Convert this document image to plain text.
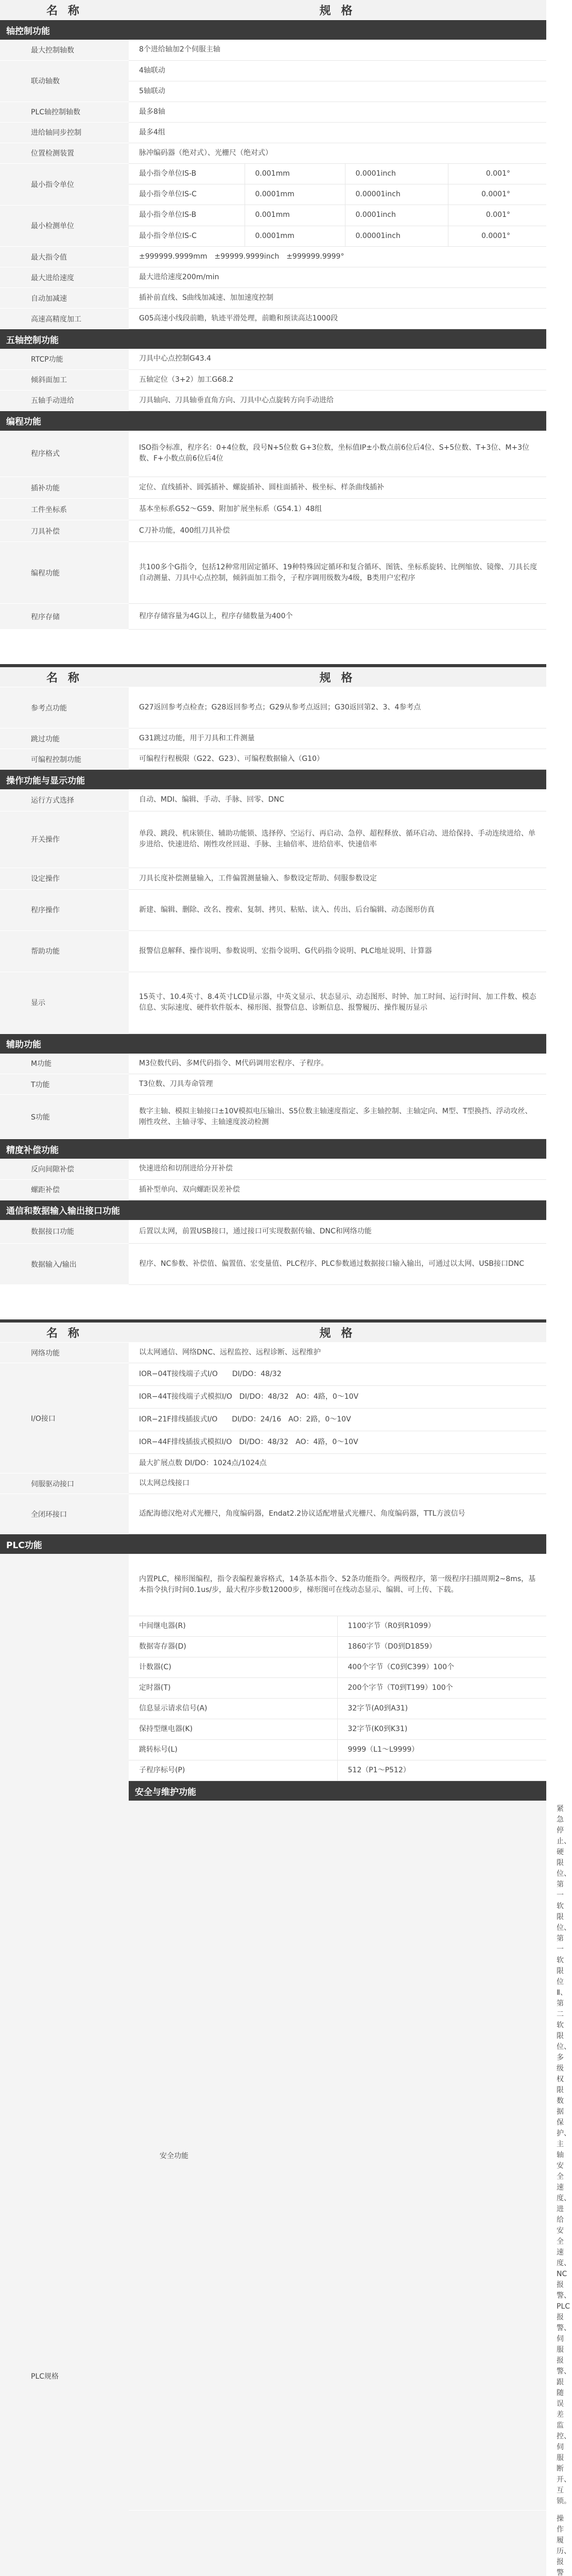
名 称	规 格
轴控制功能
最大控制轴数	8个进给轴加2个伺服主轴
联动轴数	4轴联动
5轴联动
PLC轴控制轴数	最多8轴
进给轴同步控制	最多4组
位置检测装置	脉冲编码器（绝对式）、光栅尺（绝对式）
最小指令单位	
最小指令单位IS-B	0.001mm	0.0001inch	0.001°
最小指令单位IS-C	0.0001mm	0.00001inch	0.0001°

最小检测单位	
最小指令单位IS-B	0.001mm	0.0001inch	0.001°
最小指令单位IS-C	0.0001mm	0.00001inch	0.0001°

最大指令值	±999999.9999mm　±99999.9999inch　±999999.9999°
最大进给速度	最大进给速度200m/min
自动加减速	插补前直线、S曲线加减速、加加速度控制
高速高精度加工	G05高速小线段前瞻，轨迹平滑处理，前瞻和预读高达1000段
五轴控制功能
RTCP功能	刀具中心点控制G43.4
倾斜面加工	五轴定位（3+2）加工G68.2
五轴手动进给	刀具轴向、刀具轴垂直角方向、刀具中心点旋转方向手动进给
编程功能
程序格式	ISO指令标准，程序名：0+4位数，段号N+5位数 G+3位数，坐标值IP±小数点前6位后4位、S+5位数、T+3位、M+3位数、F+小数点前6位后4位
插补功能	定位、直线插补、圆弧插补、螺旋插补、圆柱面插补、极坐标、样条曲线插补
工件坐标系	基本坐标系G52～G59、附加扩展坐标系（G54.1）48组
刀具补偿	C刀补功能，400组刀具补偿
编程功能	共100多个G指令，包括12种常用固定循环、19种特殊固定循环和复合循环、图铣、坐标系旋转、比例缩放、镜像、刀具长度自动测量、刀具中心点控制，倾斜面加工指令，子程序调用级数为4级，B类用户宏程序
程序存储	程序存储容量为4G以上，程序存储数量为400个
名 称	规 格
参考点功能	G27返回参考点检查；G28返回参考点；G29从参考点返回；G30返回第2、3、4参考点
跳过功能	G31跳过功能，用于刀具和工件测量
可编程控制功能	可编程行程极限（G22、G23）、可编程数据输入（G10）
操作功能与显示功能	
运行方式选择	自动、MDI、编辑、手动、手脉、回零、DNC
开关操作	单段、跳段、机床锁住、辅助功能锁、选择停、空运行、再启动、急停、超程释放、循环启动、进给保持、手动连续进给、单步进给、快速进给、刚性攻丝回退、手脉、主轴倍率、进给倍率、快速倍率
设定操作	刀具长度补偿测量输入，工件偏置测量输入、参数设定帮助、伺服参数设定
程序操作	新建、编辑、删除、改名、搜索、复制、拷贝、粘贴、读入、传出、后台编辑、动态图形仿真
帮助功能	报警信息解释、操作说明、参数说明、宏指令说明、G代码指令说明、PLC地址说明、计算器
显示	15英寸、10.4英寸、8.4英寸LCD显示器，中英文显示、状态显示、动态图形、时钟、加工时间、运行时间、加工件数、模态信息、实际速度、硬件软件版本、梯形图、报警信息、诊断信息、报警履历、操作履历显示
辅助功能	
M功能	M3位数代码、多M代码指令、M代码调用宏程序、子程序。
T功能	T3位数、刀具寿命管理
S功能	数字主轴、模拟主轴接口±10V模拟电压输出、S5位数主轴速度指定、多主轴控制、主轴定向、M型、T型换挡、浮动攻丝、刚性攻丝、主轴寻零、主轴速度波动检测
精度补偿功能	
反向间隙补偿	快速进给和切削进给分开补偿
螺距补偿	插补型单向、双向螺距误差补偿
通信和数据输入输出接口功能	
数据接口功能	后置以太网，前置USB接口，通过接口可实现数据传输、DNC和网络功能
数据输入/输出	程序、NC参数、补偿值、偏置值、宏变量值、PLC程序、PLC参数通过数据接口输入输出，可通过以太网、USB接口DNC
名 称	规 格
网络功能	以太网通信、网络DNC、远程监控、远程诊断、远程维护
I/O接口	IOR−04T接线端子式I/O　　DI/DO：48/32
IOR−44T接线端子式模拟I/O　DI/DO：48/32　AO：4路，0～10V
IOR−21F排线插拔式I/O　　DI/DO：24/16　AO：2路，0～10V
IOR−44F排线插拔式模拟I/O　DI/DO：48/32　AO：4路，0～10V
最大扩展点数 DI/DO：1024点/1024点
伺服驱动接口	以太网总线接口
全闭环接口	适配海德汉绝对式光栅尺，角度编码器，Endat2.2协议适配增量式光栅尺、角度编码器，TTL方波信号
PLC功能
PLC规格	内置PLC，梯形图编程，指令表编程兼容格式，14条基本指令、52条功能指令。两级程序，第一级程序扫描周期2~8ms，基本指令执行时间0.1us/步，最大程序步数12000步，梯形图可在线动态显示、编辑、可上传、下载。

中间继电器(R)	1100字节（R0到R1099）
数据寄存器(D)	1860字节（D0到D1859）
计数器(C)	400个字节（C0到C399）100个
定时器(T)	200个字节（T0到T199）100个
信息显示请求信号(A)	32字节(A0到A31)
保持型继电器(K)	32字节(K0到K31)
跳转标号(L)	9999（L1～L9999）
子程序标号(P)	512（P1～P512）

安全与维护功能
安全功能	紧急停止、硬限位、第一软限位、第一软限位Ⅱ、第二软限位、多级权限数据保护、主轴安全速度、进给安全速度、NC报警、PLC报警、伺服报警、跟随误差监控、伺服断开、互锁。
	操作履历、报警
